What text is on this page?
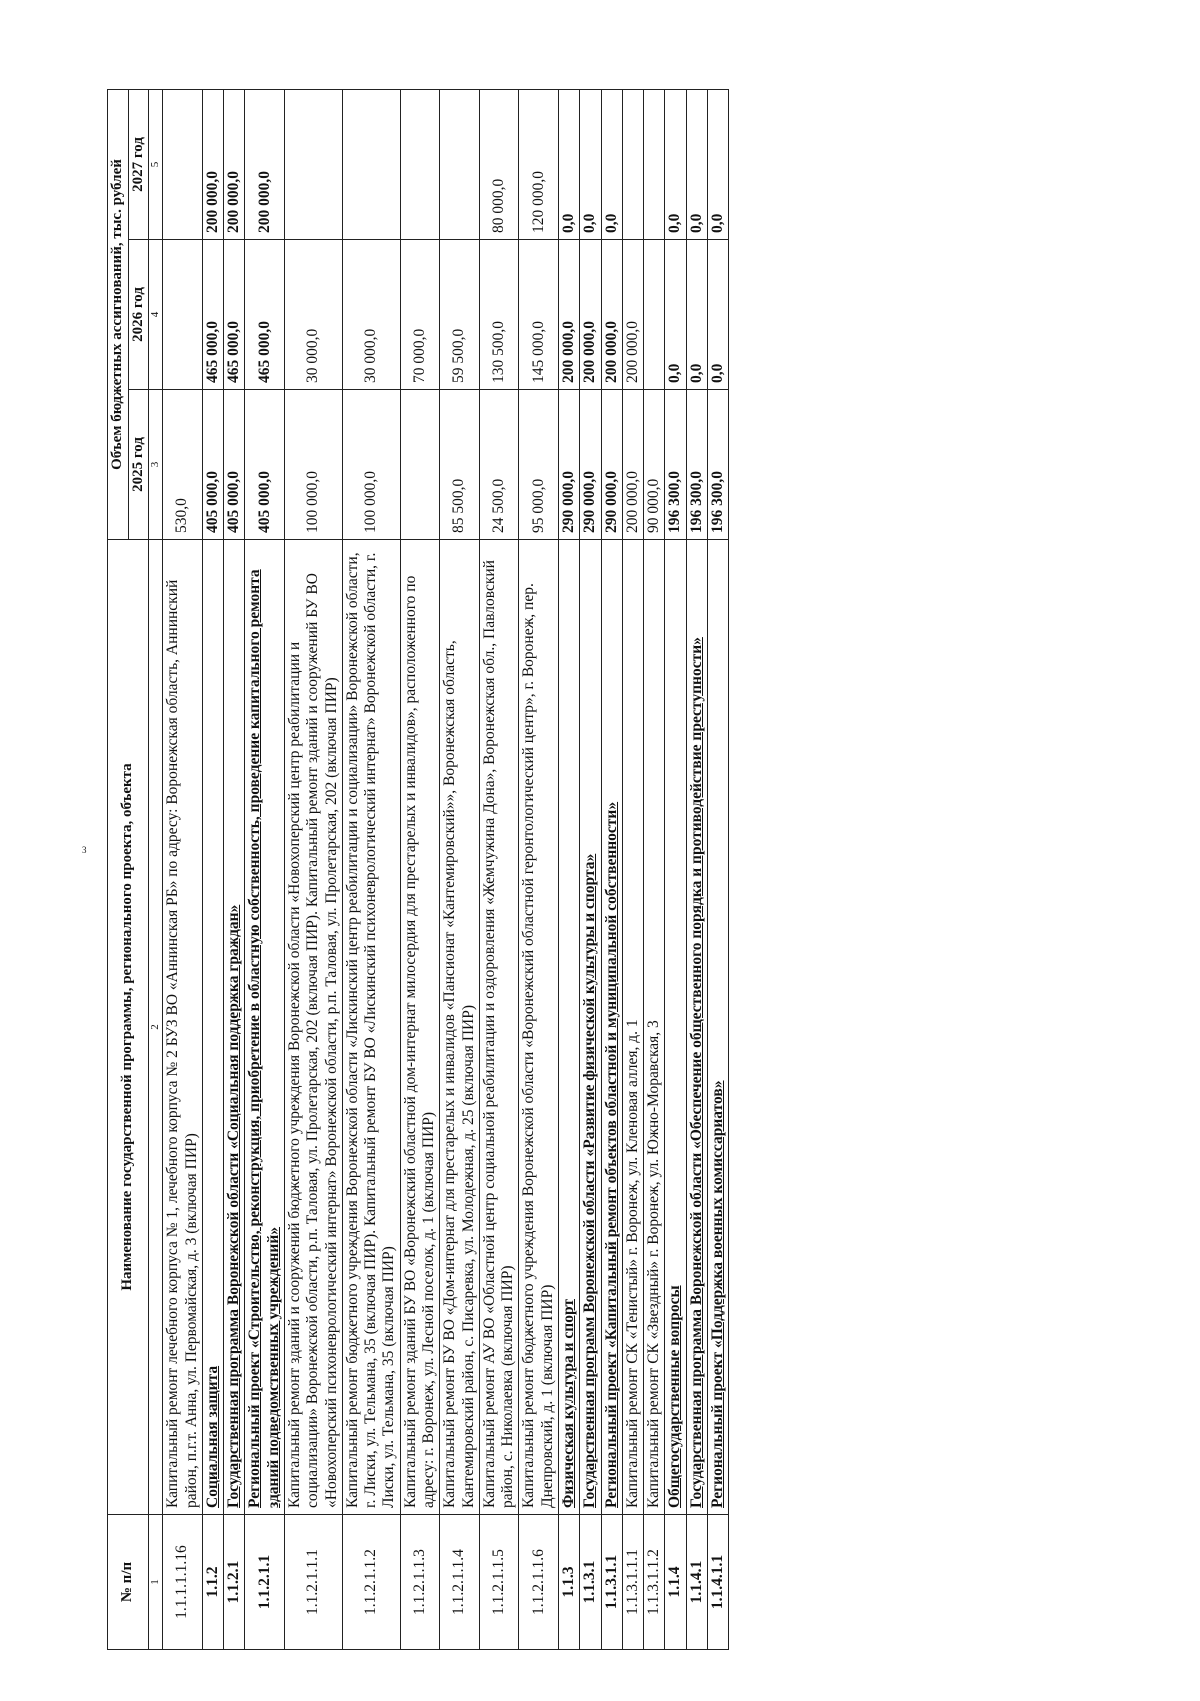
3
№ п/п	Наименование государственной программы, регионального проекта, объекта	Объем бюджетных ассигнований, тыс. рублей		
		2025 год	2026 год	2027 год
1	2	3	4	5
1.1.1.1.1.16	Капитальный ремонт лечебного корпуса № 1, лечебного корпуса № 2 БУЗ ВО «Аннинская РБ» по адресу: Воронежская область, Аннинский район, п.г.т. Анна, ул. Первомайская, д. 3 (включая ПИР)	530,0		
1.1.2	Социальная защита	405 000,0	465 000,0	200 000,0
1.1.2.1	Государственная программа Воронежской области «Социальная поддержка граждан»	405 000,0	465 000,0	200 000,0
1.1.2.1.1	Региональный проект «Строительство, реконструкция, приобретение в областную собственность, проведение капитального ремонта зданий подведомственных учреждений»	405 000,0	465 000,0	200 000,0
1.1.2.1.1.1	Капитальный ремонт зданий и сооружений бюджетного учреждения Воронежской области «Новохоперский центр реабилитации и социализации» Воронежской области, р.п. Таловая, ул. Пролетарская, 202 (включая ПИР). Капитальный ремонт зданий и сооружений БУ ВО «Новохоперский психоневрологический интернат» Воронежской области, р.п. Таловая, ул. Пролетарская, 202 (включая ПИР)	100 000,0	30 000,0	
1.1.2.1.1.2	Капитальный ремонт бюджетного учреждения Воронежской области «Лискинский центр реабилитации и социализации» Воронежской области, г. Лиски, ул. Тельмана, 35 (включая ПИР). Капитальный ремонт БУ ВО «Лискинский психоневрологический интернат» Воронежской области, г. Лиски, ул. Тельмана, 35 (включая ПИР)	100 000,0	30 000,0	
1.1.2.1.1.3	Капитальный ремонт зданий БУ ВО «Воронежский областной дом-интернат милосердия для престарелых и инвалидов», расположенного по адресу: г. Воронеж, ул. Лесной поселок, д. 1 (включая ПИР)		70 000,0	
1.1.2.1.1.4	Капитальный ремонт БУ ВО «Дом-интернат для престарелых и инвалидов «Пансионат «Кантемировский»», Воронежская область, Кантемировский район, с. Писаревка, ул. Молодежная, д. 25 (включая ПИР)	85 500,0	59 500,0	
1.1.2.1.1.5	Капитальный ремонт АУ ВО «Областной центр социальной реабилитации и оздоровления «Жемчужина Дона», Воронежская обл., Павловский район, с. Николаевка (включая ПИР)	24 500,0	130 500,0	80 000,0
1.1.2.1.1.6	Капитальный ремонт бюджетного учреждения Воронежской области «Воронежский областной геронтологический центр», г. Воронеж, пер. Днепровский, д. 1 (включая ПИР)	95 000,0	145 000,0	120 000,0
1.1.3	Физическая культура и спорт	290 000,0	200 000,0	0,0
1.1.3.1	Государственная программ Воронежской области «Развитие физической культуры и спорта»	290 000,0	200 000,0	0,0
1.1.3.1.1	Региональный проект «Капитальный ремонт объектов областной и муниципальной собственности»	290 000,0	200 000,0	0,0
1.1.3.1.1.1	Капитальный ремонт СК «Тенистый» г. Воронеж, ул. Кленовая аллея, д. 1	200 000,0	200 000,0	
1.1.3.1.1.2	Капитальный ремонт СК «Звездный» г. Воронеж, ул. Южно-Моравская, 3	90 000,0		
1.1.4	Общегосударственные вопросы	196 300,0	0,0	0,0
1.1.4.1	Государственная программа Воронежской области «Обеспечение общественного порядка и противодействие преступности»	196 300,0	0,0	0,0
1.1.4.1.1	Региональный проект «Поддержка военных комиссариатов»	196 300,0	0,0	0,0
